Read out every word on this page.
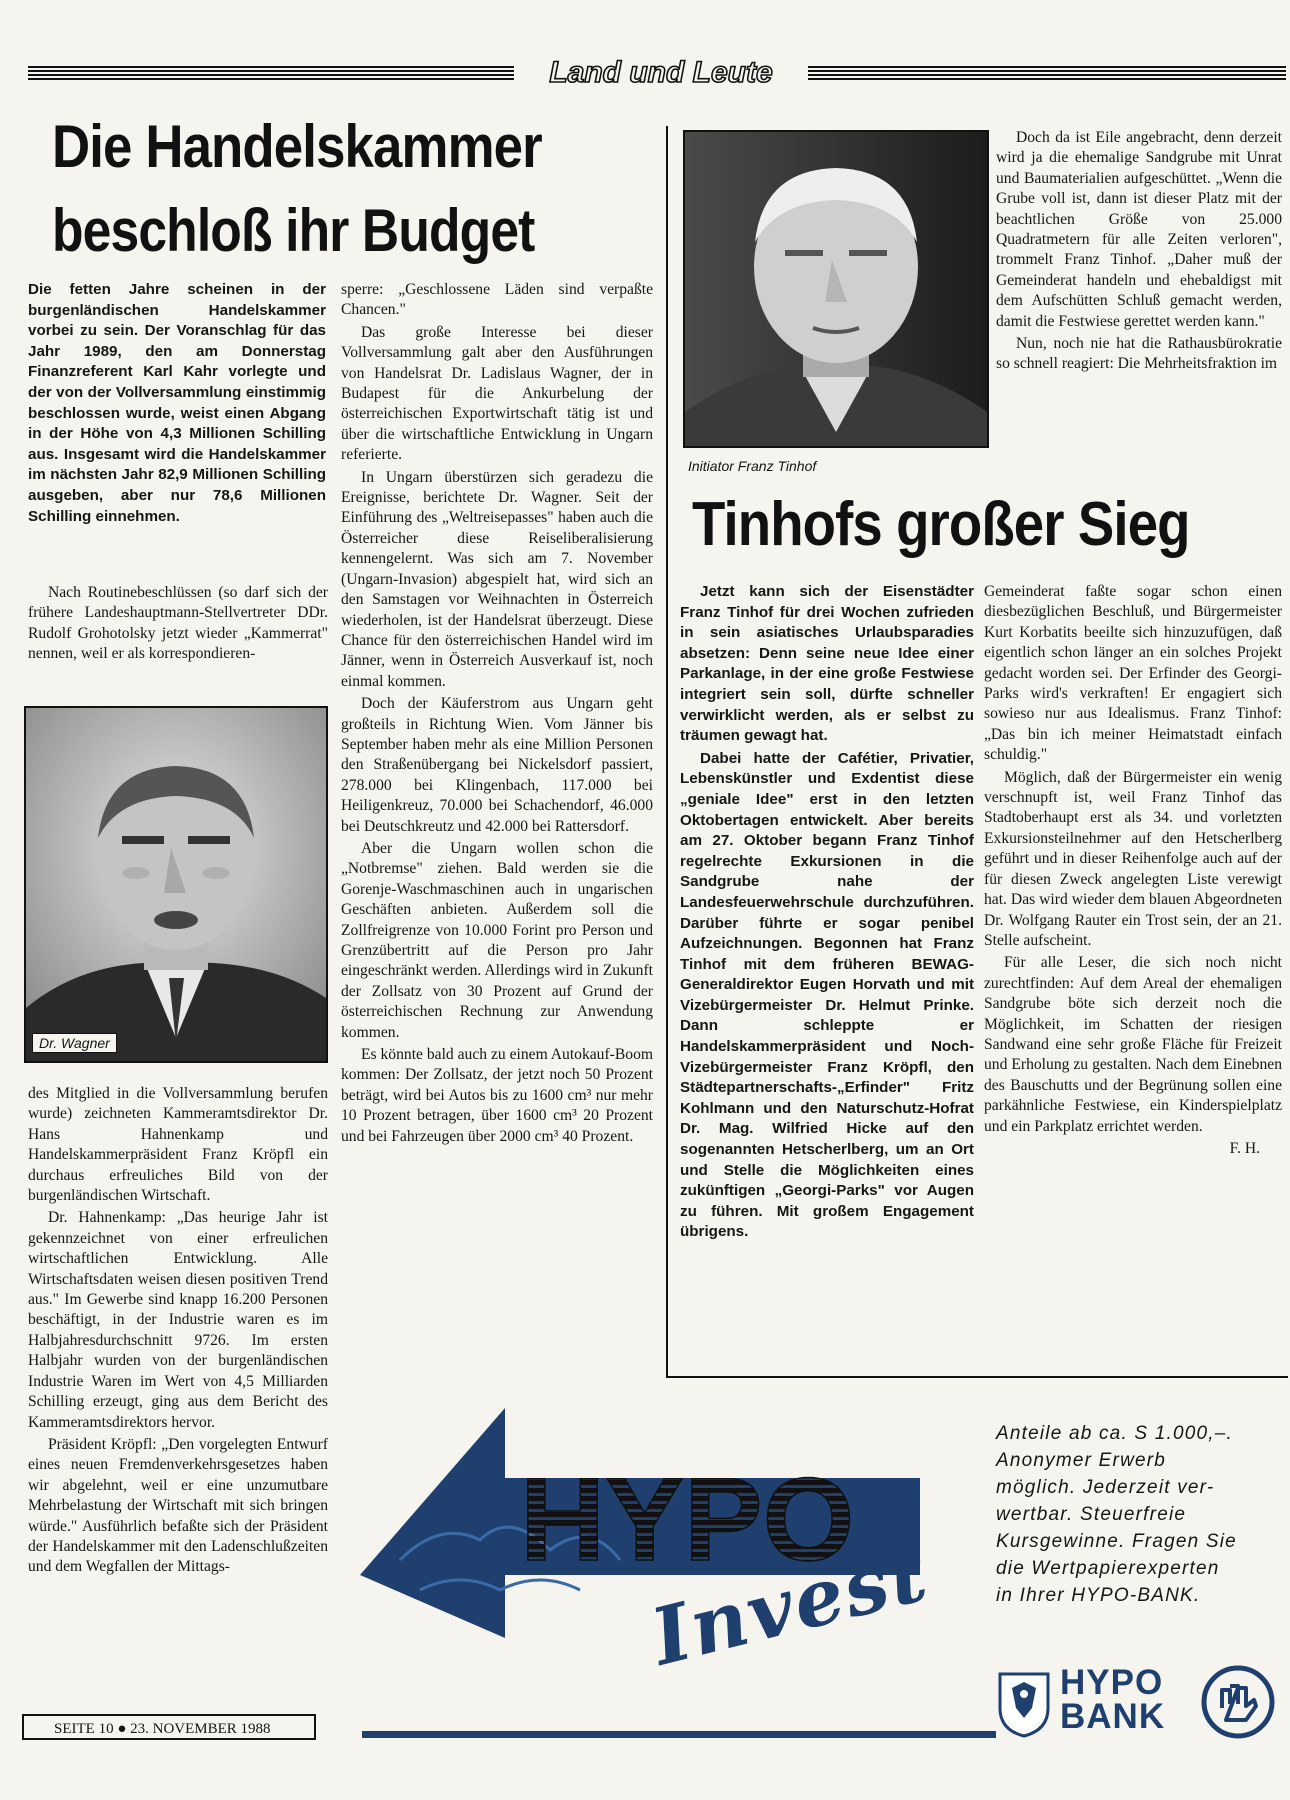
Land und Leute
Die Handelskammer
beschloß ihr Budget

Die fetten Jahre scheinen in der burgenländischen Handelskammer vorbei zu sein. Der Voranschlag für das Jahr 1989, den am Donnerstag Finanzreferent Karl Kahr vorlegte und der von der Vollversammlung einstimmig beschlossen wurde, weist einen Abgang in der Höhe von 4,3 Millionen Schilling aus. Insgesamt wird die Handelskammer im nächsten Jahr 82,9 Millionen Schilling ausgeben, aber nur 78,6 Millionen Schilling einnehmen.

Nach Routinebeschlüssen (so darf sich der frühere Landeshauptmann-Stellvertreter DDr. Rudolf Grohotolsky jetzt wieder „Kammerrat" nennen, weil er als korrespondieren-

Dr. Wagner

des Mitglied in die Vollversammlung berufen wurde) zeichneten Kammeramtsdirektor Dr. Hans Hahnenkamp und Handelskammerpräsident Franz Kröpfl ein durchaus erfreuliches Bild von der burgenländischen Wirtschaft.

Dr. Hahnenkamp: „Das heurige Jahr ist gekennzeichnet von einer erfreulichen wirtschaftlichen Entwicklung. Alle Wirtschaftsdaten weisen diesen positiven Trend aus." Im Gewerbe sind knapp 16.200 Personen beschäftigt, in der Industrie waren es im Halbjahresdurchschnitt 9726. Im ersten Halbjahr wurden von der burgenländischen Industrie Waren im Wert von 4,5 Milliarden Schilling erzeugt, ging aus dem Bericht des Kammeramtsdirektors hervor.

Präsident Kröpfl: „Den vorgelegten Entwurf eines neuen Fremdenverkehrsgesetzes haben wir abgelehnt, weil er eine unzumutbare Mehrbelastung der Wirtschaft mit sich bringen würde." Ausführlich befaßte sich der Präsident der Handelskammer mit den Ladenschlußzeiten und dem Wegfallen der Mittags-

sperre: „Geschlossene Läden sind verpaßte Chancen."

Das große Interesse bei dieser Vollversammlung galt aber den Ausführungen von Handelsrat Dr. Ladislaus Wagner, der in Budapest für die Ankurbelung der österreichischen Exportwirtschaft tätig ist und über die wirtschaftliche Entwicklung in Ungarn referierte.

In Ungarn überstürzen sich geradezu die Ereignisse, berichtete Dr. Wagner. Seit der Einführung des „Weltreisepasses" haben auch die Österreicher diese Reiseliberalisierung kennengelernt. Was sich am 7. November (Ungarn-Invasion) abgespielt hat, wird sich an den Samstagen vor Weihnachten in Österreich wiederholen, ist der Handelsrat überzeugt. Diese Chance für den österreichischen Handel wird im Jänner, wenn in Österreich Ausverkauf ist, noch einmal kommen.

Doch der Käuferstrom aus Ungarn geht großteils in Richtung Wien. Vom Jänner bis September haben mehr als eine Million Personen den Straßenübergang bei Nickelsdorf passiert, 278.000 bei Klingenbach, 117.000 bei Heiligenkreuz, 70.000 bei Schachendorf, 46.000 bei Deutschkreutz und 42.000 bei Rattersdorf.

Aber die Ungarn wollen schon die „Notbremse" ziehen. Bald werden sie die Gorenje-Waschmaschinen auch in ungarischen Geschäften anbieten. Außerdem soll die Zollfreigrenze von 10.000 Forint pro Person und Grenzübertritt auf die Person pro Jahr eingeschränkt werden. Allerdings wird in Zukunft der Zollsatz von 30 Prozent auf Grund der österreichischen Rechnung zur Anwendung kommen.

Es könnte bald auch zu einem Autokauf-Boom kommen: Der Zollsatz, der jetzt noch 50 Prozent beträgt, wird bei Autos bis zu 1600 cm³ nur mehr 10 Prozent betragen, über 1600 cm³ 20 Prozent und bei Fahrzeugen über 2000 cm³ 40 Prozent.

Initiator Franz Tinhof

Doch da ist Eile angebracht, denn derzeit wird ja die ehemalige Sandgrube mit Unrat und Baumaterialien aufgeschüttet. „Wenn die Grube voll ist, dann ist dieser Platz mit der beachtlichen Größe von 25.000 Quadratmetern für alle Zeiten verloren", trommelt Franz Tinhof. „Daher muß der Gemeinderat handeln und ehebaldigst mit dem Aufschütten Schluß gemacht werden, damit die Festwiese gerettet werden kann."

Nun, noch nie hat die Rathausbürokratie so schnell reagiert: Die Mehrheitsfraktion im

Tinhofs großer Sieg

Jetzt kann sich der Eisenstädter Franz Tinhof für drei Wochen zufrieden in sein asiatisches Urlaubsparadies absetzen: Denn seine neue Idee einer Parkanlage, in der eine große Festwiese integriert sein soll, dürfte schneller verwirklicht werden, als er selbst zu träumen gewagt hat.

Dabei hatte der Cafétier, Privatier, Lebenskünstler und Exdentist diese „geniale Idee" erst in den letzten Oktobertagen entwickelt. Aber bereits am 27. Oktober begann Franz Tinhof regelrechte Exkursionen in die Sandgrube nahe der Landesfeuerwehrschule durchzuführen. Darüber führte er sogar penibel Aufzeichnungen. Begonnen hat Franz Tinhof mit dem früheren BEWAG-Generaldirektor Eugen Horvath und mit Vizebürgermeister Dr. Helmut Prinke. Dann schleppte er Handelskammerpräsident und Noch-Vizebürgermeister Franz Kröpfl, den Städtepartnerschafts-„Erfinder" Fritz Kohlmann und den Naturschutz-Hofrat Dr. Mag. Wilfried Hicke auf den sogenannten Hetscherlberg, um an Ort und Stelle die Möglichkeiten eines zukünftigen „Georgi-Parks" vor Augen zu führen. Mit großem Engagement übrigens.

Gemeinderat faßte sogar schon einen diesbezüglichen Beschluß, und Bürgermeister Kurt Korbatits beeilte sich hinzuzufügen, daß eigentlich schon länger an ein solches Projekt gedacht worden sei. Der Erfinder des Georgi-Parks wird's verkraften! Er engagiert sich sowieso nur aus Idealismus. Franz Tinhof: „Das bin ich meiner Heimatstadt einfach schuldig."

Möglich, daß der Bürgermeister ein wenig verschnupft ist, weil Franz Tinhof das Stadtoberhaupt erst als 34. und vorletzten Exkursionsteilnehmer auf den Hetscherlberg geführt und in dieser Reihenfolge auch auf der für diesen Zweck angelegten Liste verewigt hat. Das wird wieder dem blauen Abgeordneten Dr. Wolfgang Rauter ein Trost sein, der an 21. Stelle aufscheint.

Für alle Leser, die sich noch nicht zurechtfinden: Auf dem Areal der ehemaligen Sandgrube böte sich derzeit noch die Möglichkeit, im Schatten der riesigen Sandwand eine sehr große Fläche für Freizeit und Erholung zu gestalten. Nach dem Einebnen des Bauschutts und der Begrünung sollen eine parkähnliche Festwiese, ein Kinderspielplatz und ein Parkplatz errichtet werden.

F. H.
HYPO
Invest
Anteile ab ca. S 1.000,–.
Anonymer Erwerb
möglich. Jederzeit ver-
wertbar. Steuerfreie
Kursgewinne. Fragen Sie
die Wertpapierexperten
in Ihrer HYPO-BANK.
HYPO
BANK
SEITE 10 ● 23. NOVEMBER 1988
